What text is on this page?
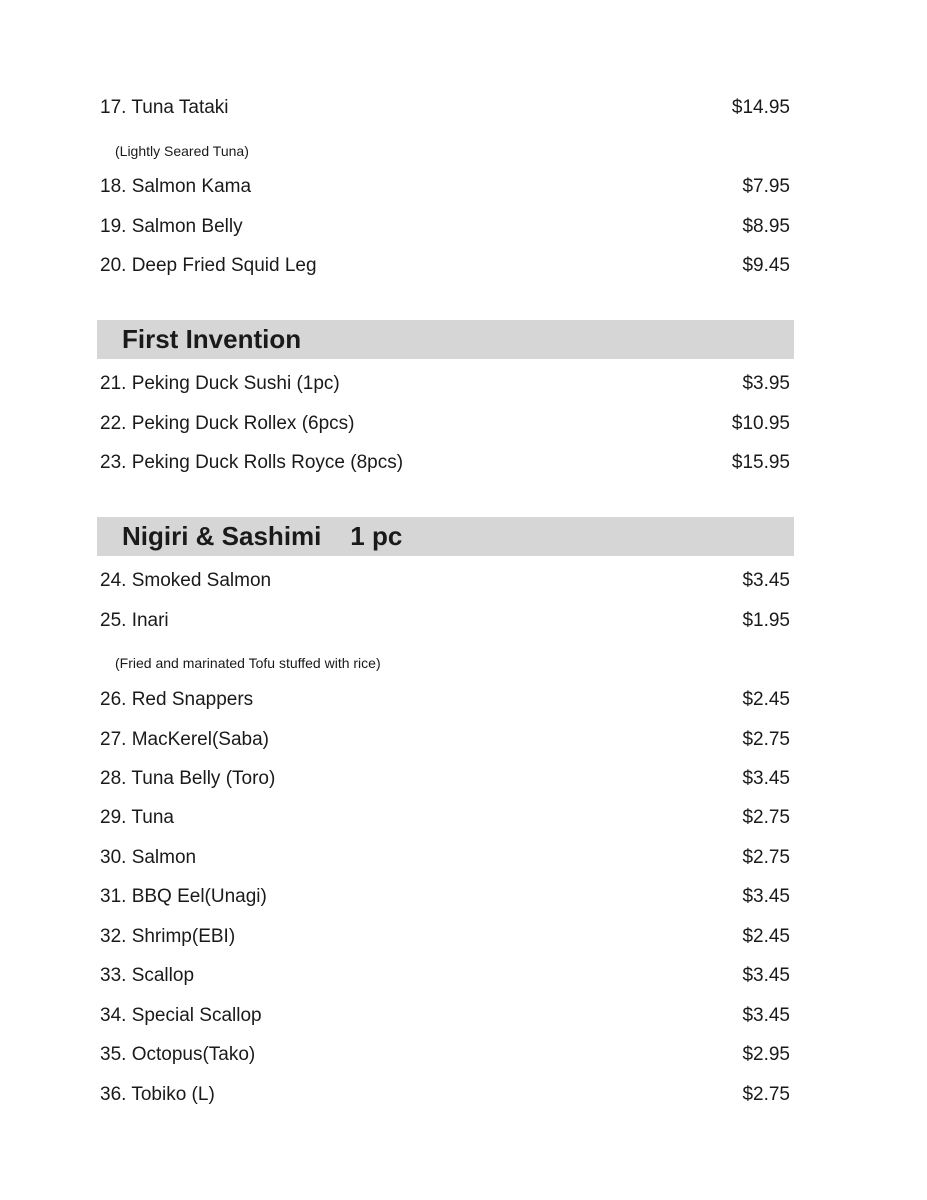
17. Tuna Tataki	$14.95
(Lightly Seared Tuna)
18. Salmon Kama	$7.95
19. Salmon Belly	$8.95
20. Deep Fried Squid Leg	$9.45
First Invention
21. Peking Duck Sushi (1pc)	$3.95
22. Peking Duck Rollex (6pcs)	$10.95
23. Peking Duck Rolls Royce (8pcs)	$15.95
Nigiri & Sashimi    1 pc
24. Smoked Salmon	$3.45
25. Inari	$1.95
(Fried and marinated Tofu stuffed with rice)
26. Red Snappers	$2.45
27. MacKerel(Saba)	$2.75
28. Tuna Belly (Toro)	$3.45
29. Tuna	$2.75
30. Salmon	$2.75
31. BBQ Eel(Unagi)	$3.45
32. Shrimp(EBI)	$2.45
33. Scallop	$3.45
34. Special Scallop	$3.45
35. Octopus(Tako)	$2.95
36. Tobiko (L)	$2.75
